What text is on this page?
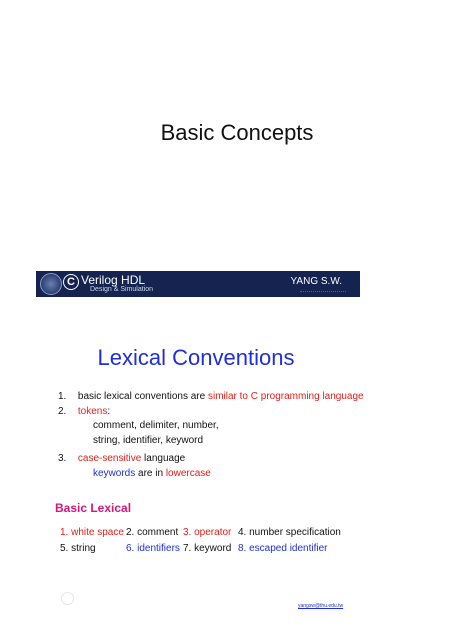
Basic Concepts
C Verilog HDL
Design & Simulation
YANG S.W.
Lexical Conventions
1. basic lexical conventions are similar to C programming language
2. tokens:
comment, delimiter, number,
string, identifier, keyword
3. case-sensitive language
keywords are in lowercase
Basic Lexical
1. white space 2. comment 3. operator 4. number specification
5. string	6. identifiers 7. keyword 8. escaped identifier
yangsw@thu.edu.tw
